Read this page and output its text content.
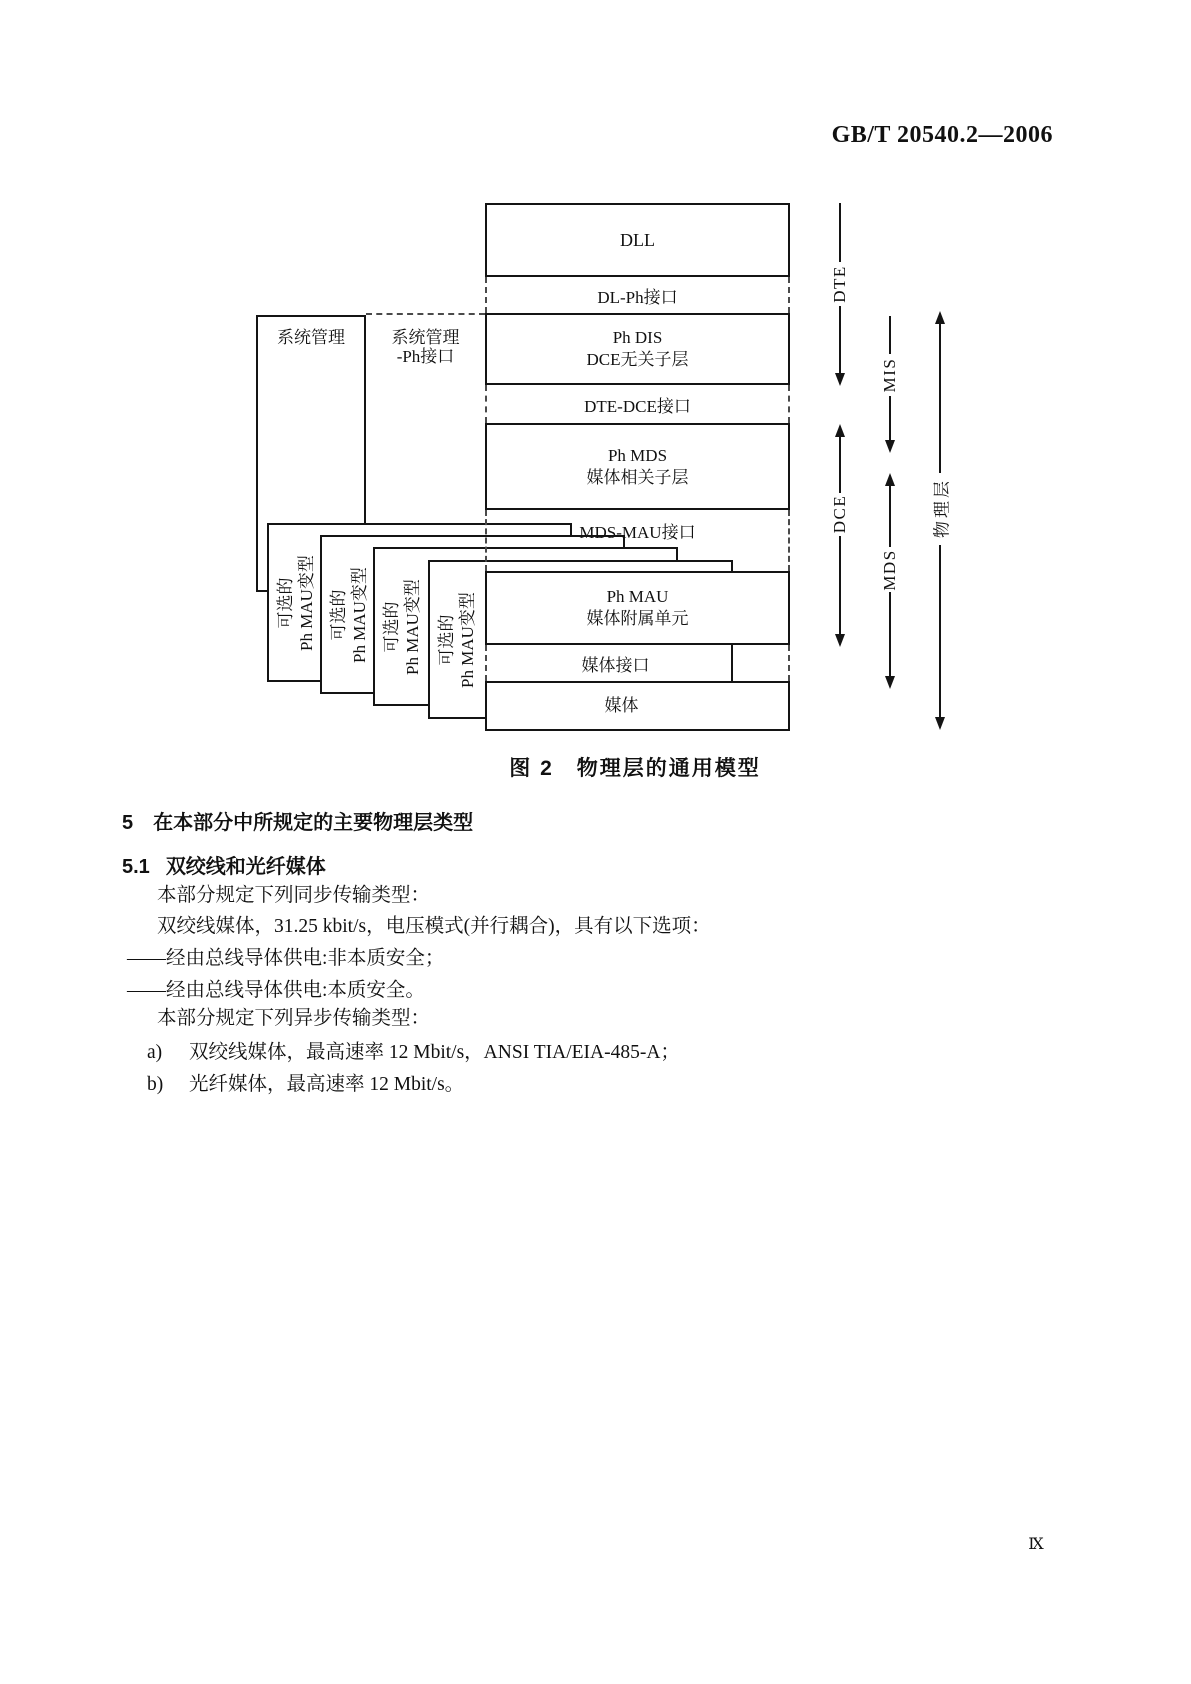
GB/T 20540.2—2006
系统管理
可选的 Ph MAU变型 可选的 Ph MAU变型 可选的 Ph MAU变型 可选的 Ph MAU变型
系统管理
-Ph接口
DLL
DL-Ph接口
Ph DIS
DCE无关子层
DTE-DCE接口
Ph MDS
媒体相关子层
MDS-MAU接口
Ph MAU
媒体附属单元
媒体接口
媒体
DTE
DCE
MIS
MDS
物理层
图 2　物理层的通用模型
5 在本部分中所规定的主要物理层类型
5.1 双绞线和光纤媒体
本部分规定下列同步传输类型：
双绞线媒体，31.25 kbit/s，电压模式(并行耦合)，具有以下选项：
——经由总线导体供电:非本质安全；
——经由总线导体供电:本质安全。
本部分规定下列异步传输类型：
a) 双绞线媒体，最高速率 12 Mbit/s，ANSI TIA/EIA-485-A；
b) 光纤媒体，最高速率 12 Mbit/s。
Ⅸ
